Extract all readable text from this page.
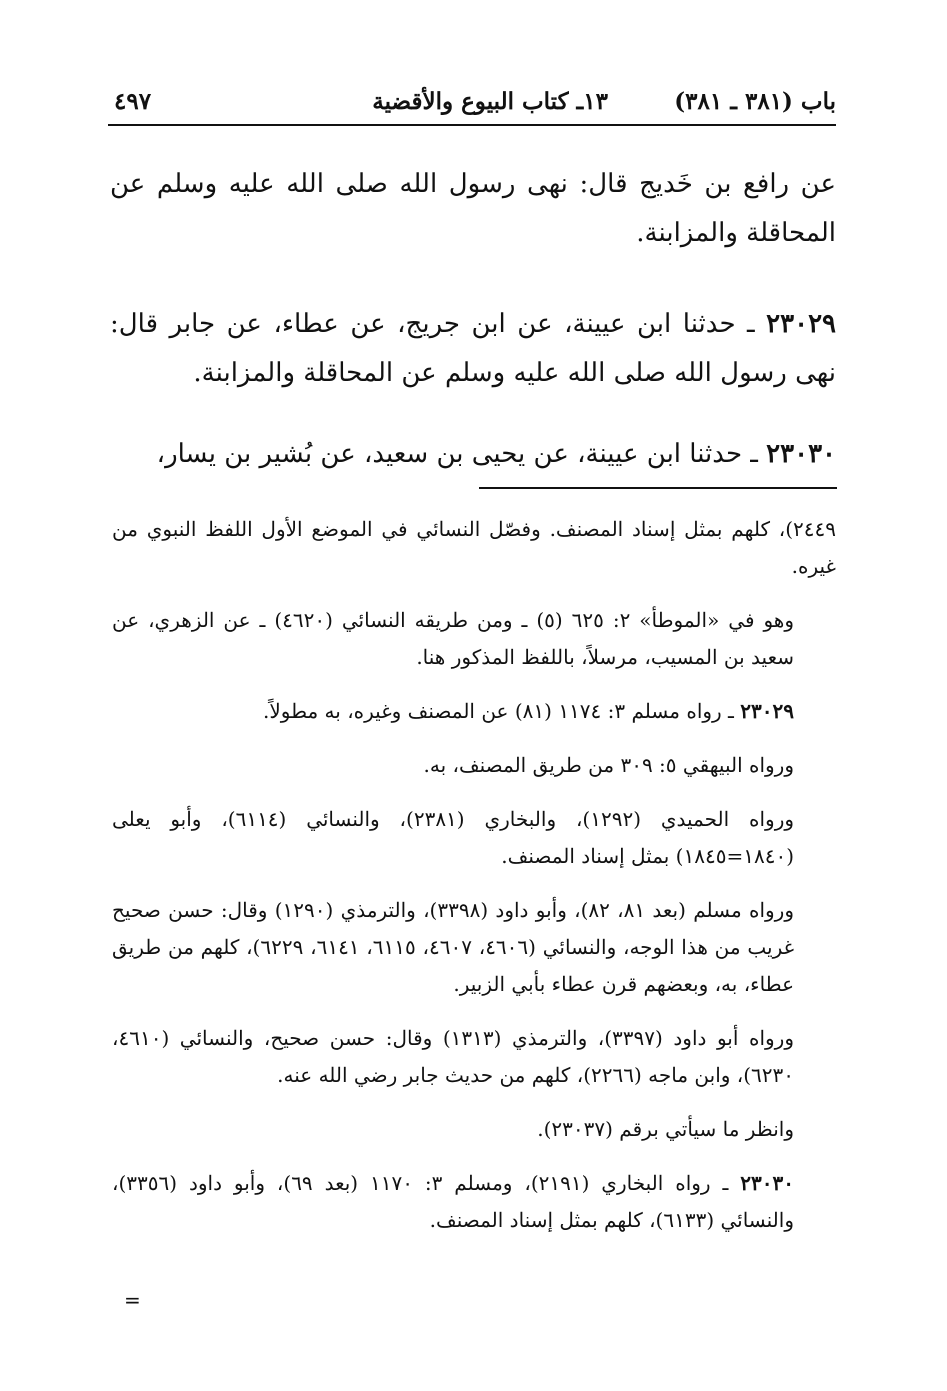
باب (٣٨١ ـ ٣٨١)
١٣ـ كتاب البيوع والأقضية
٤٩٧

عن رافع بن خَديج قال: نهى رسول الله صلى الله عليه وسلم عن المحاقلة والمزابنة.

٢٣٠٢٩ ـ حدثنا ابن عيينة، عن ابن جريج، عن عطاء، عن جابر قال: نهى رسول الله صلى الله عليه وسلم عن المحاقلة والمزابنة.

٢٣٠٣٠ ـ حدثنا ابن عيينة، عن يحيى بن سعيد، عن بُشير بن يسار،

٢٤٤٩)، كلهم بمثل إسناد المصنف. وفصّل النسائي في الموضع الأول اللفظ النبوي من غيره.

وهو في «الموطأ» ٢: ٦٢٥ (٥) ـ ومن طريقه النسائي (٤٦٢٠) ـ عن الزهري، عن سعيد بن المسيب، مرسلاً، باللفظ المذكور هنا.

٢٣٠٢٩ ـ رواه مسلم ٣: ١١٧٤ (٨١) عن المصنف وغيره، به مطولاً.

ورواه البيهقي ٥: ٣٠٩ من طريق المصنف، به.

ورواه الحميدي (١٢٩٢)، والبخاري (٢٣٨١)، والنسائي (٦١١٤)، وأبو يعلى (١٨٤٠=١٨٤٥) بمثل إسناد المصنف.

ورواه مسلم (بعد ٨١، ٨٢)، وأبو داود (٣٣٩٨)، والترمذي (١٢٩٠) وقال: حسن صحيح غريب من هذا الوجه، والنسائي (٤٦٠٦، ٤٦٠٧، ٦١١٥، ٦١٤١، ٦٢٢٩)، كلهم من طريق عطاء، به، وبعضهم قرن عطاء بأبي الزبير.

ورواه أبو داود (٣٣٩٧)، والترمذي (١٣١٣) وقال: حسن صحيح، والنسائي (٤٦١٠، ٦٢٣٠)، وابن ماجه (٢٢٦٦)، كلهم من حديث جابر رضي الله عنه.

وانظر ما سيأتي برقم (٢٣٠٣٧).

٢٣٠٣٠ ـ رواه البخاري (٢١٩١)، ومسلم ٣: ١١٧٠ (بعد ٦٩)، وأبو داود (٣٣٥٦)، والنسائي (٦١٣٣)، كلهم بمثل إسناد المصنف.

=
